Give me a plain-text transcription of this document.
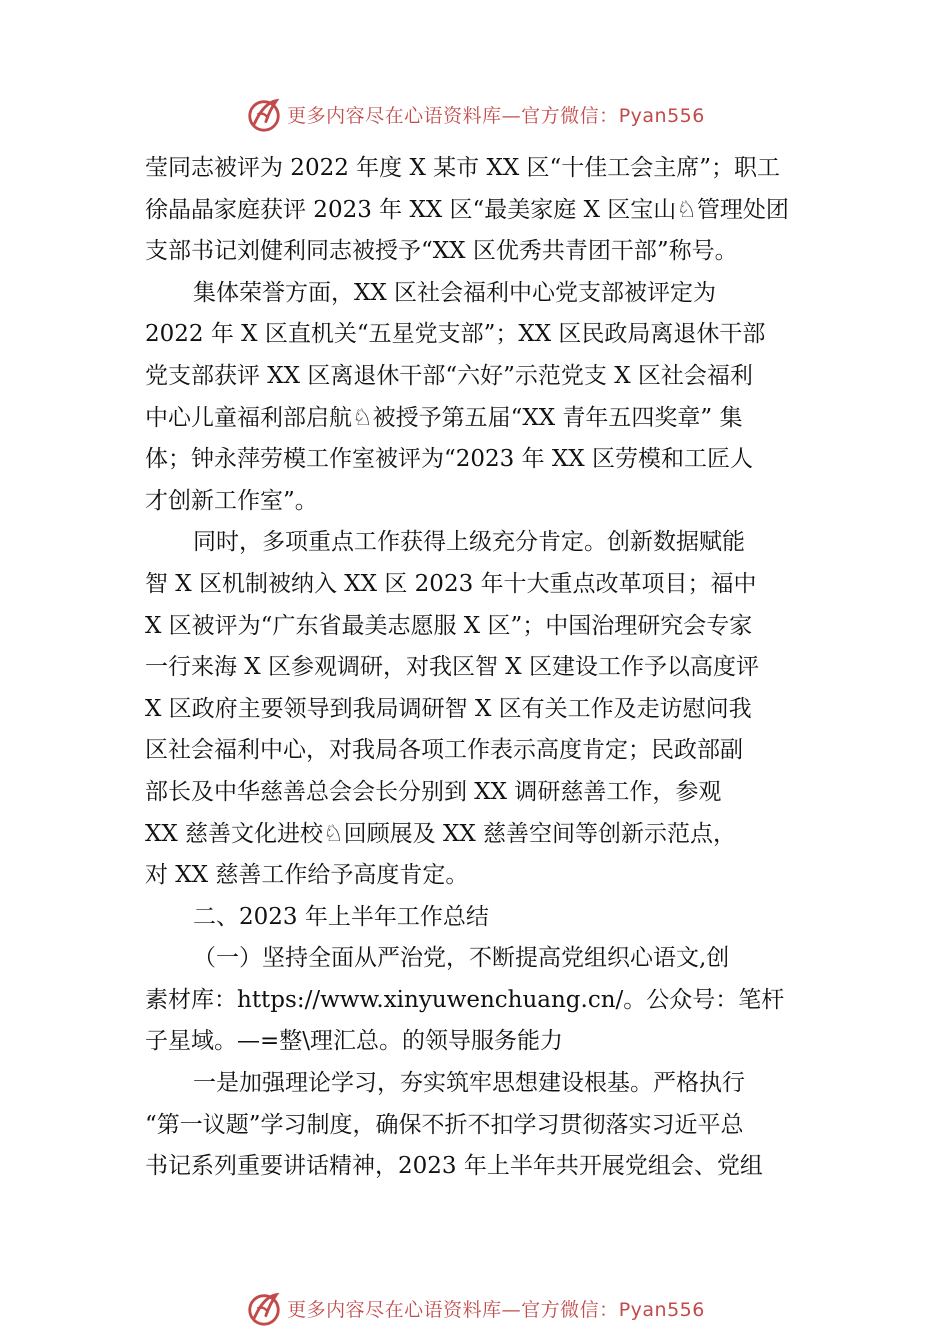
更多内容尽在心语资料库—官方微信：Pyan556
莹同志被评为 2022 年度 X 某市 XX 区“十佳工会主席”；职工
徐晶晶家庭获评 2023 年 XX 区“最美家庭 X 区宝山♘管理处团
支部书记刘健利同志被授予“XX 区优秀共青团干部”称号。
集体荣誉方面，XX 区社会福利中心党支部被评定为
2022 年 X 区直机关“五星党支部”；XX 区民政局离退休干部
党支部获评 XX 区离退休干部“六好”示范党支 X 区社会福利
中心儿童福利部启航♘被授予第五届“XX 青年五四奖章” 集
体；钟永萍劳模工作室被评为“2023 年 XX 区劳模和工匠人
才创新工作室”。
同时，多项重点工作获得上级充分肯定。创新数据赋能
智 X 区机制被纳入 XX 区 2023 年十大重点改革项目；福中
X 区被评为“广东省最美志愿服 X 区”；中国治理研究会专家
一行来海 X 区参观调研，对我区智 X 区建设工作予以高度评
X 区政府主要领导到我局调研智 X 区有关工作及走访慰问我
区社会福利中心，对我局各项工作表示高度肯定；民政部副
部长及中华慈善总会会长分别到 XX 调研慈善工作，参观
XX 慈善文化进校♘回顾展及 XX 慈善空间等创新示范点，
对 XX 慈善工作给予高度肯定。
二、2023 年上半年工作总结
（一）坚持全面从严治党，不断提高党组织心语文,创
素材库：https://www.xinyuwenchuang.cn/。公众号：笔杆
子星域。—=整\理汇总。的领导服务能力
一是加强理论学习，夯实筑牢思想建设根基。严格执行
“第一议题”学习制度，确保不折不扣学习贯彻落实习近平总
书记系列重要讲话精神，2023 年上半年共开展党组会、党组
更多内容尽在心语资料库—官方微信：Pyan556
